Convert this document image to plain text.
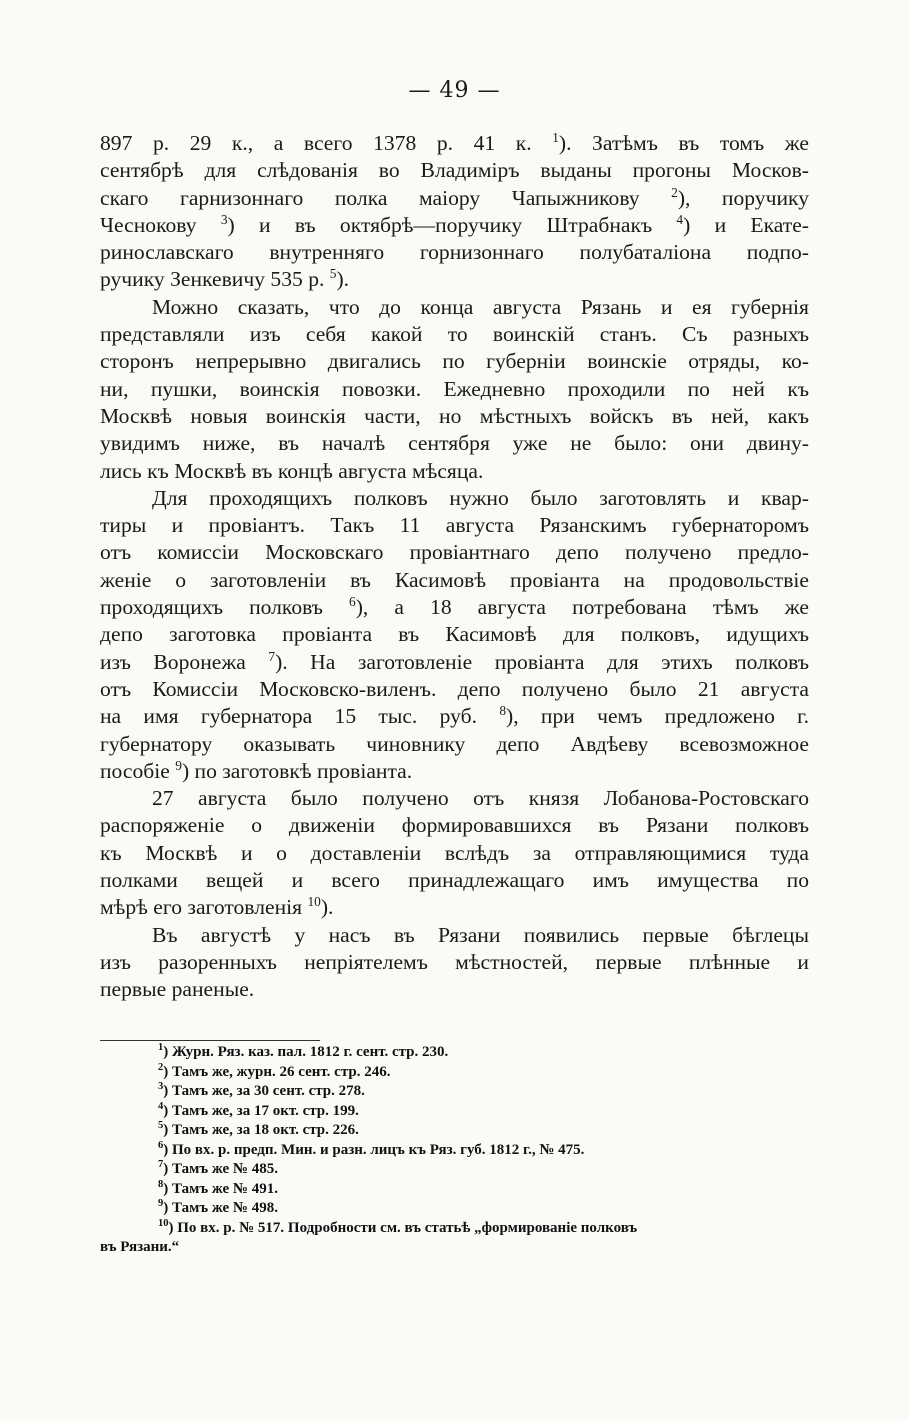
— 49 —

897 р. 29 к., а всего 1378 р. 41 к. $^1$). Затѣмъ въ томъ же

сентябрѣ для слѣдованія во Владиміръ выданы прогоны Москов-

скаго гарнизоннаго полка маіору Чапыжникову $^2$), поручику

Чеснокову $^3$) и въ октябрѣ—поручику Штрабнакъ $^4$) и Екате-

ринославскаго внутренняго горнизоннаго полубаталіона подпо-

ручику Зенкевичу 535 р. $^5$).

Можно сказать, что до конца августа Рязань и ея губернія

представляли изъ себя какой то воинскій станъ. Съ разныхъ

сторонъ непрерывно двигались по губерніи воинскіе отряды, ко-

ни, пушки, воинскія повозки. Ежедневно проходили по ней къ

Москвѣ новыя воинскія части, но мѣстныхъ войскъ въ ней, какъ

увидимъ ниже, въ началѣ сентября уже не было: они двину-

лись къ Москвѣ въ концѣ августа мѣсяца.

Для проходящихъ полковъ нужно было заготовлять и квар-

тиры и провіантъ. Такъ 11 августа Рязанскимъ губернаторомъ

отъ комиссіи Московскаго провіантнаго депо получено предло-

женіе о заготовленіи въ Касимовѣ провіанта на продовольствіе

проходящихъ полковъ $^6$), а 18 августа потребована тѣмъ же

депо заготовка провіанта въ Касимовѣ для полковъ, идущихъ

изъ Воронежа $^7$). На заготовленіе провіанта для этихъ полковъ

отъ Комиссіи Московско-виленъ. депо получено было 21 августа

на имя губернатора 15 тыс. руб. $^8$), при чемъ предложено г.

губернатору оказывать чиновнику депо Авдѣеву всевозможное

пособіе $^9$) по заготовкѣ провіанта.

27 августа было получено отъ князя Лобанова-Ростовскаго

распоряженіе о движеніи формировавшихся въ Рязани полковъ

къ Москвѣ и о доставленіи вслѣдъ за отправляющимися туда

полками вещей и всего принадлежащаго имъ имущества по

мѣрѣ его заготовленія $^{10}$).

Въ августѣ у насъ въ Рязани появились первые бѣглецы

изъ разоренныхъ непріятелемъ мѣстностей, первые плѣнные и

первые раненые.

$^1$) Журн. Ряз. каз. пал. 1812 г. сент. стр. 230.
$^2$) Тамъ же, журн. 26 сент. стр. 246.
$^3$) Тамъ же, за 30 сент. стр. 278.
$^4$) Тамъ же, за 17 окт. стр. 199.
$^5$) Тамъ же, за 18 окт. стр. 226.
$^6$) По вх. р. предп. Мин. и разн. лицъ къ Ряз. губ. 1812 г., № 475.
$^7$) Тамъ же № 485.
$^8$) Тамъ же № 491.
$^9$) Тамъ же № 498.
$^{10}$) По вх. р. № 517. Подробности см. въ статьѣ „формированіе полковъ
въ Рязани.“
